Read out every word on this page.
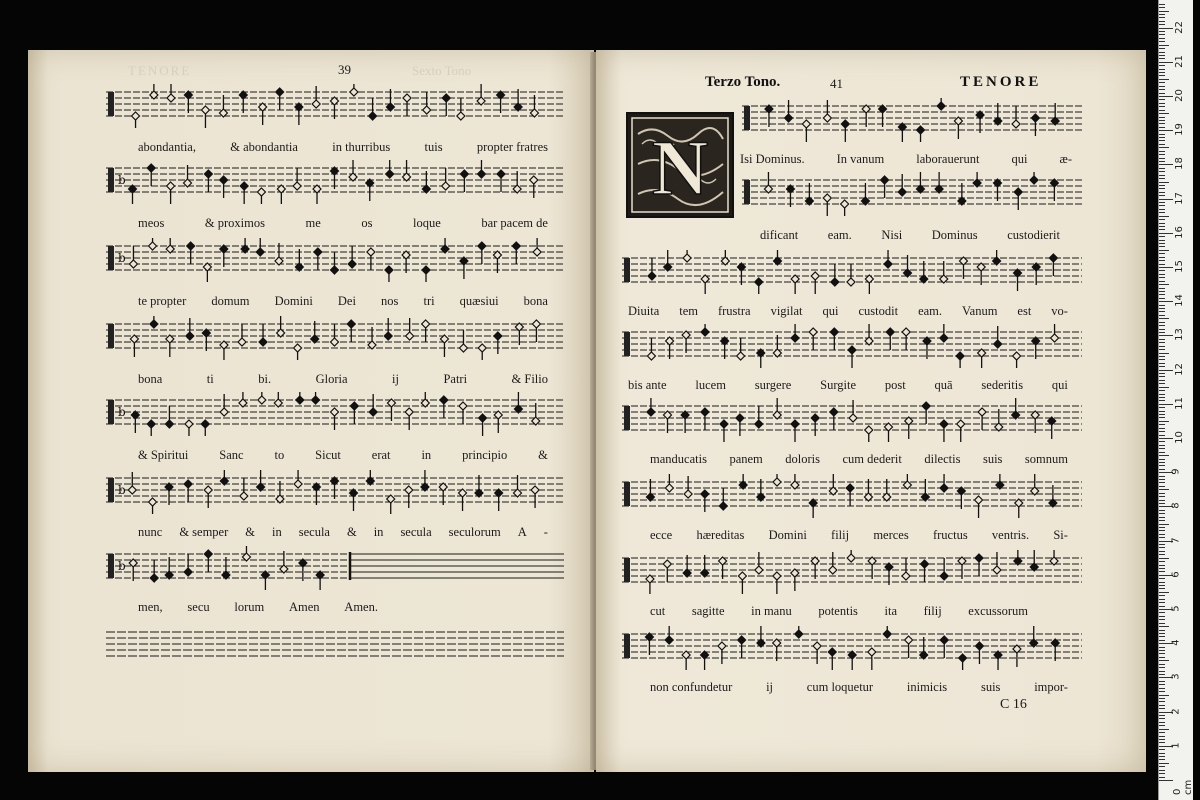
TENORE	39	Sexto Tono
Terzo Tono.	41	TENORE
N
22
21
20
19
18
17
16
15
14
13
12
11
10
9
8
7
6
5
4
3
2
1
0 cm
b
b
b
b
b
abondantia,	& abondantia	in thurribus	tuis	propter fratres
meos	& proximos	me	os	loque	bar pacem de
te propter domum Domini Dei nos tri quæsiui bona
bona	ti	bi.	Gloria	ij	Patri	& Filio
& Spiritui Sanc to Sicut erat in principio &
nunc & semper & in secula & in secula seculorum A -
men, secu lorum Amen Amen.
Isi Dominus.	In vanum	laborauerunt	qui	æ-
dificant eam. Nisi Dominus custodierit
Diuita tem frustra vigilat qui custodit eam. Vanum est vo-
bis ante lucem surgere Surgite post quā sederitis qui
manducatis panem doloris cum dederit dilectis suis somnum
ecce hæreditas Domini filij merces fructus ventris. Si-
cut sagitte in manu potentis ita filij excussorum
non confundetur	ij	cum loquetur	inimicis	suis	impor-
C 16
